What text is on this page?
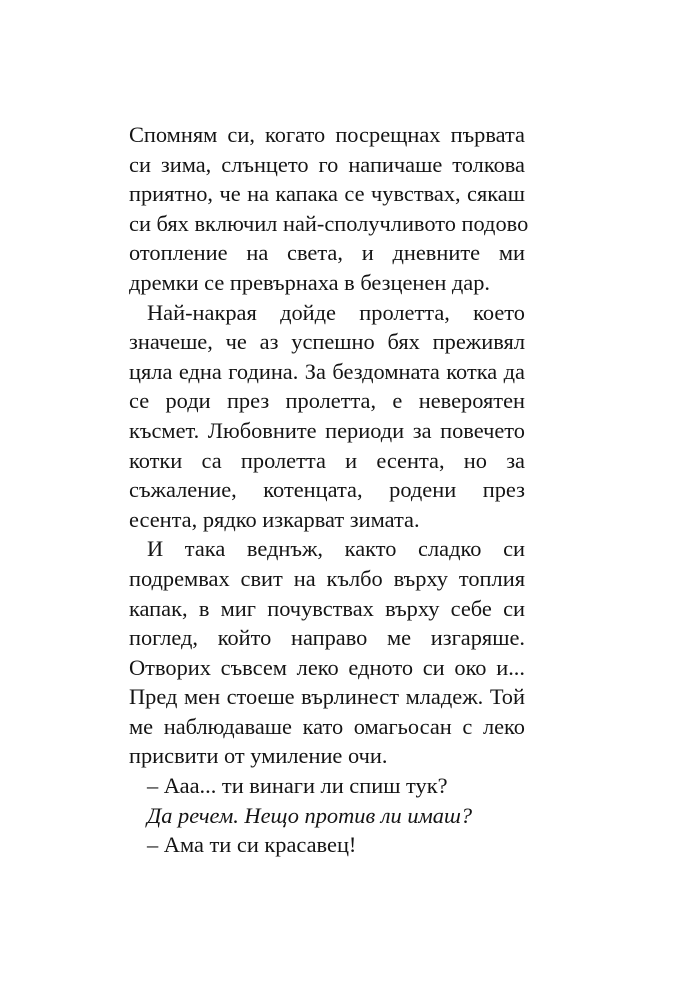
Спомням си, когато посрещнах първата
си зима, слънцето го напичаше толкова
приятно, че на капака се чувствах, сякаш
си бях включил най-сполучливото подово
отопление на света, и дневните ми
дремки се превърнаха в безценен дар.
Най-накрая дойде пролетта, което
значеше, че аз успешно бях преживял
цяла една година. За бездомната котка да
се роди през пролетта, е невероятен
късмет. Любовните периоди за повечето
котки са пролетта и есента, но за
съжаление, котенцата, родени през
есента, рядко изкарват зимата.
И така веднъж, както сладко си
подремвах свит на кълбо върху топлия
капак, в миг почувствах върху себе си
поглед, който направо ме изгаряше.
Отворих съвсем леко едното си око и...
Пред мен стоеше върлинест младеж. Той
ме наблюдаваше като омагьосан с леко
присвити от умиление очи.
– Ааа... ти винаги ли спиш тук?
Да речем. Нещо против ли имаш?
– Ама ти си красавец!
